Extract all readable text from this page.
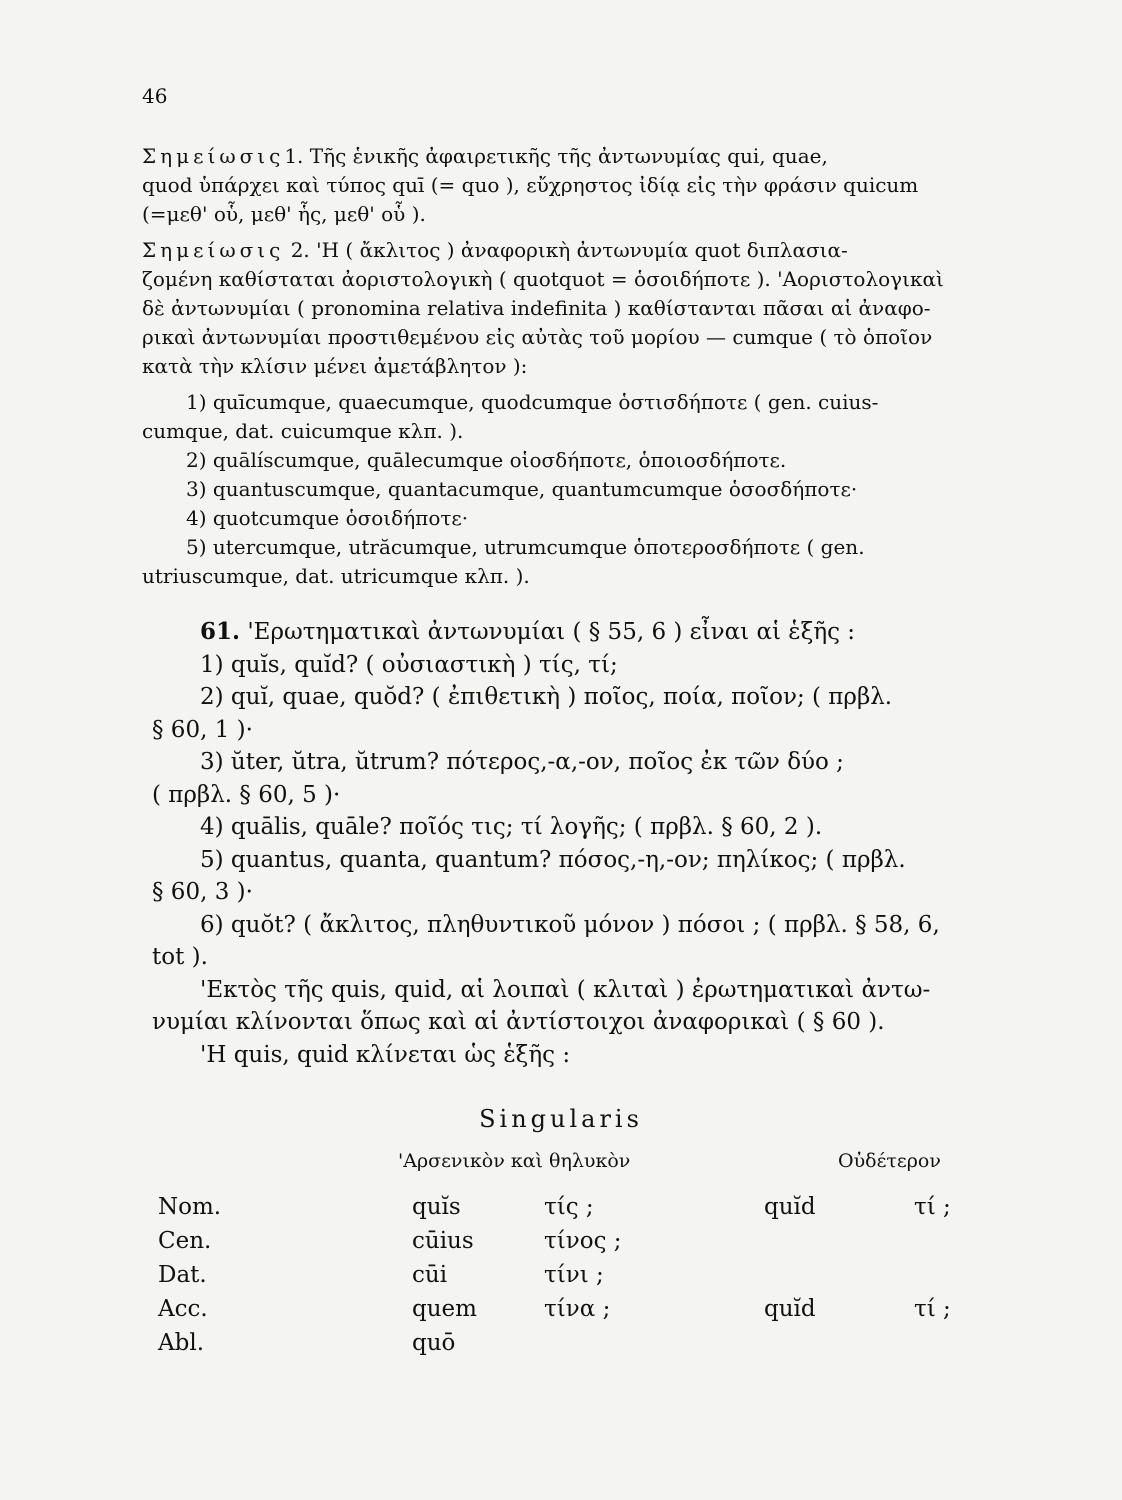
46
Σημείωσις1. Τῆς ἑνικῆς ἀφαιρετικῆς τῆς ἀντωνυμίας qui, quae,
quod ὑπάρχει καὶ τύπος quī (= quo ), εὔχρηστος ἰδίᾳ εἰς τὴν φράσιν quicum
(=μεθ' οὗ, μεθ' ἧς, μεθ' οὗ ).
Σημείωσις 2. 'Η ( ἄκλιτος ) ἀναφορικὴ ἀντωνυμία quot διπλασια-
ζομένη καθίσταται ἀοριστολογικὴ ( quotquot = ὁσοιδήποτε ). 'Αοριστολογικαὶ
δὲ ἀντωνυμίαι ( pronomina relativa indefinita ) καθίστανται πᾶσαι αἱ ἀναφο-
ρικαὶ ἀντωνυμίαι προστιθεμένου εἰς αὐτὰς τοῦ μορίου — cumque ( τὸ ὁποῖον
κατὰ τὴν κλίσιν μένει ἀμετάβλητον ):
1) quīcumque, quaecumque, quodcumque ὁστισδήποτε ( gen. cuius-
cumque, dat. cuicumque κλπ. ).
2) quālíscumque, quālecumque οἱοσδήποτε, ὁποιοσδήποτε.
3) quantuscumque, quantacumque, quantumcumque ὁσοσδήποτε·
4) quotcumque ὁσοιδήποτε·
5) utercumque, utrăcumque, utrumcumque ὁποτεροσδήποτε ( gen.
utriuscumque, dat. utricumque κλπ. ).
61. 'Ερωτηματικαὶ ἀντωνυμίαι ( § 55, 6 ) εἶναι αἱ ἑξῆς :
1) quĭs, quĭd? ( οὐσιαστικὴ ) τίς, τί;
2) quĭ, quae, quŏd? ( ἐπιθετικὴ ) ποῖος, ποία, ποῖον; ( πρβλ.
§ 60, 1 )·
3) ŭter, ŭtra, ŭtrum? πότερος,-α,-ον, ποῖος ἐκ τῶν δύο ;
( πρβλ. § 60, 5 )·
4) quālis, quāle? ποῖός τις; τί λογῆς; ( πρβλ. § 60, 2 ).
5) quantus, quanta, quantum? πόσος,-η,-ον; πηλίκος; ( πρβλ.
§ 60, 3 )·
6) quŏt? ( ἄκλιτος, πληθυντικοῦ μόνον ) πόσοι ; ( πρβλ. § 58, 6,
tot ).
'Εκτὸς τῆς quis, quid, αἱ λοιπαὶ ( κλιταὶ ) ἐρωτηματικαὶ ἀντω-
νυμίαι κλίνονται ὅπως καὶ αἱ ἀντίστοιχοι ἀναφορικαὶ ( § 60 ).
'Η quis, quid κλίνεται ὡς ἑξῆς :
Singularis
'Αρσενικὸν καὶ θηλυκὸν	Οὐδέτερον
Nom.	quĭs	τίς ;	quĭd	τί ;
Cen.	cūius	τίνος ;		
Dat.	cūi	τίνι ;		
Acc.	quem	τίνα ;	quĭd	τί ;
Abl.	quō			
